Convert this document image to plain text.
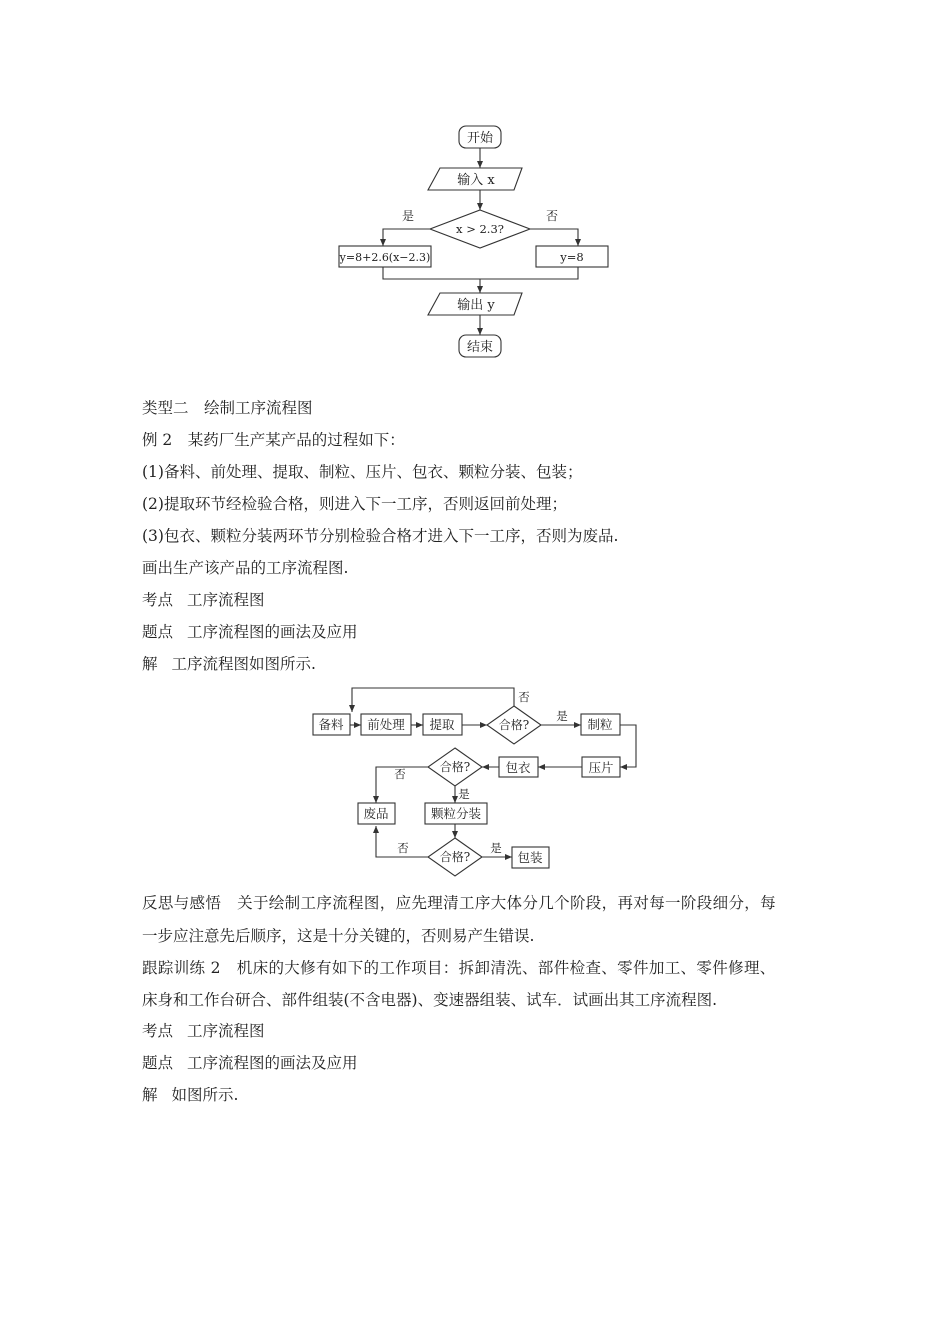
开始
输入 x
x > 2.3?
是	否
y=8+2.6(x−2.3)	y=8
输出 y
结束
类型二　绘制工序流程图
例 2　某药厂生产某产品的过程如下：
(1)备料、前处理、提取、制粒、压片、包衣、颗粒分装、包装；
(2)提取环节经检验合格，则进入下一工序，否则返回前处理；
(3)包衣、颗粒分装两环节分别检验合格才进入下一工序，否则为废品.
画出生产该产品的工序流程图.
考点 工序流程图
题点 工序流程图的画法及应用
解 工序流程图如图所示.
备料 前处理 提取	合格?
否
是
制粒
压片
包衣
合格?
否
是
废品	颗粒分装
合格?
否	是
包装
反思与感悟　关于绘制工序流程图，应先理清工序大体分几个阶段，再对每一阶段细分，每
一步应注意先后顺序，这是十分关键的，否则易产生错误.
跟踪训练 2　机床的大修有如下的工作项目：拆卸清洗、部件检查、零件加工、零件修理、
床身和工作台研合、部件组装(不含电器)、变速器组装、试车．试画出其工序流程图.
考点 工序流程图
题点 工序流程图的画法及应用
解 如图所示.
